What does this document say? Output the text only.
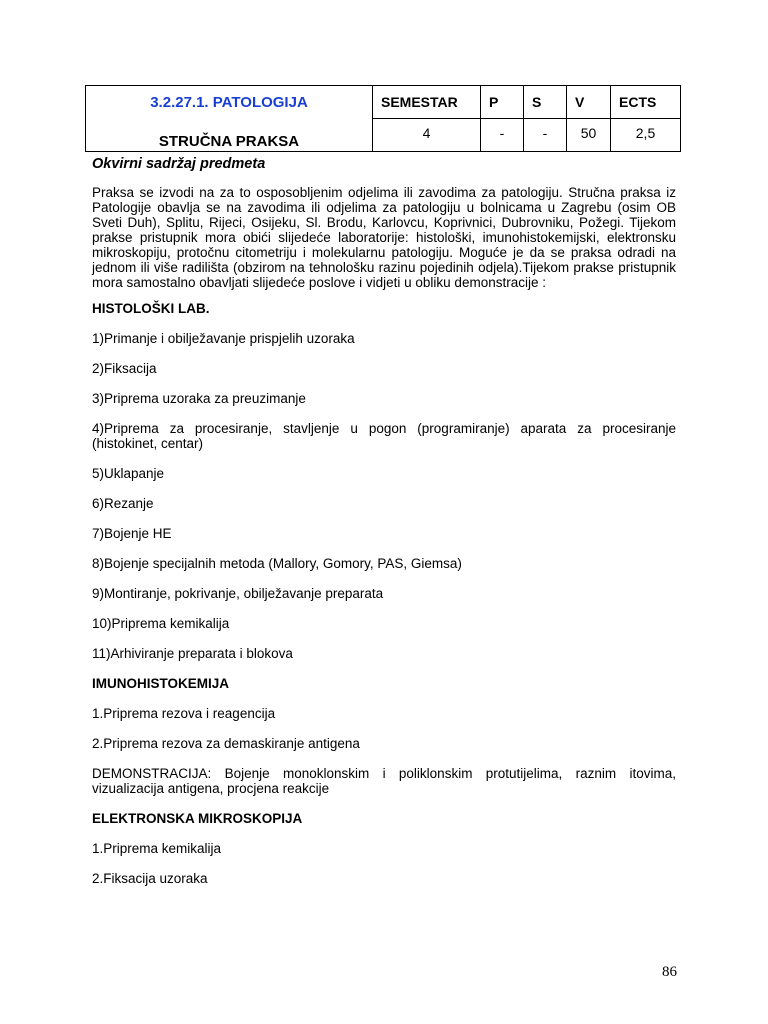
3.2.27.1. PATOLOGIJA	SEMESTAR	P	S	V	ECTS
STRUČNA PRAKSA	4	-	-	50	2,5

Okvirni sadržaj predmeta

Praksa se izvodi na za to osposobljenim odjelima ili zavodima za patologiju. Stručna praksa iz Patologije obavlja se na zavodima ili odjelima za patologiju u bolnicama u Zagrebu (osim OB Sveti Duh), Splitu, Rijeci, Osijeku, Sl. Brodu, Karlovcu, Koprivnici, Dubrovniku, Požegi. Tijekom prakse pristupnik mora obići slijedeće laboratorije: histološki, imunohistokemijski, elektronsku mikroskopiju, protočnu citometriju i molekularnu patologiju. Moguće je da se praksa odradi na jednom ili više radilišta (obzirom na tehnološku razinu pojedinih odjela).Tijekom prakse pristupnik mora samostalno obavljati slijedeće poslove i vidjeti u obliku demonstracije :

HISTOLOŠKI LAB.

1)Primanje i obilježavanje prispjelih uzoraka

2)Fiksacija

3)Priprema uzoraka za preuzimanje

4)Priprema za procesiranje, stavljenje u pogon (programiranje) aparata za procesiranje (histokinet, centar)

5)Uklapanje

6)Rezanje

7)Bojenje HE

8)Bojenje specijalnih metoda (Mallory, Gomory, PAS, Giemsa)

9)Montiranje, pokrivanje, obilježavanje preparata

10)Priprema kemikalija

11)Arhiviranje preparata i blokova

IMUNOHISTOKEMIJA

1.Priprema rezova i reagencija

2.Priprema rezova za demaskiranje antigena

DEMONSTRACIJA: Bojenje monoklonskim i poliklonskim protutijelima, raznim itovima, vizualizacija antigena, procjena reakcije

ELEKTRONSKA MIKROSKOPIJA

1.Priprema kemikalija

2.Fiksacija uzoraka

86
